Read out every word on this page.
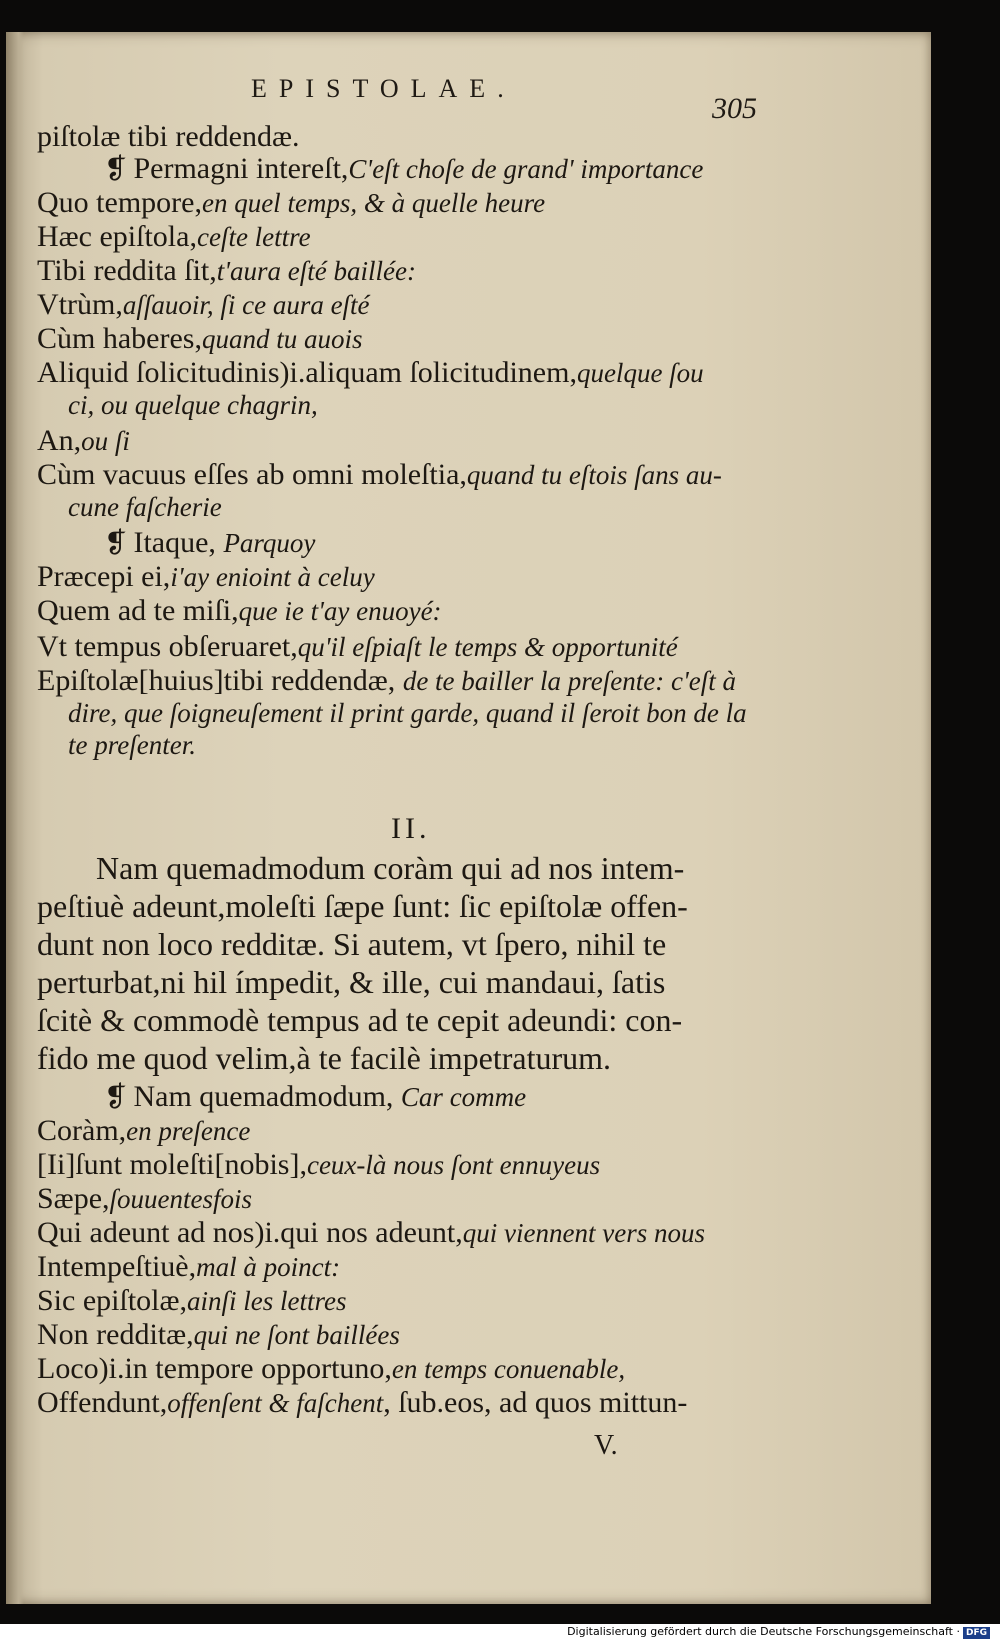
EPISTOLAE.
305
piſtolæ tibi reddendæ.
❡ Permagni intereſt,C'eſt choſe de grand' importance
Quo tempore,en quel temps, & à quelle heure
Hæc epiſtola,ceſte lettre
Tibi reddita ſit,t'aura eſté baillée:
Vtrùm,aſſauoir, ſi ce aura eſté
Cùm haberes,quand tu auois
Aliquid ſolicitudinis)i.aliquam ſolicitudinem,quelque ſou
ci, ou quelque chagrin,
An,ou ſi
Cùm vacuus eſſes ab omni moleſtia,quand tu eſtois ſans au-
cune faſcherie
❡ Itaque, Parquoy
Præcepi ei,i'ay enioint à celuy
Quem ad te miſi,que ie t'ay enuoyé:
Vt tempus obſeruaret,qu'il eſpiaſt le temps & opportunité
Epiſtolæ[huius]tibi reddendæ, de te bailler la preſente: c'eſt à
dire, que ſoigneuſement il print garde, quand il ſeroit bon de la
te preſenter.
II.
Nam quemadmodum coràm qui ad nos intem-
peſtiuè adeunt,moleſti ſæpe ſunt: ſic epiſtolæ offen-
dunt non loco redditæ. Si autem, vt ſpero, nihil te
perturbat,ni hil ímpedit, & ille, cui mandaui, ſatis
ſcitè & commodè tempus ad te cepit adeundi: con-
fido me quod velim,à te facilè impetraturum.
❡ Nam quemadmodum, Car comme
Coràm,en preſence
[Ii]ſunt moleſti[nobis],ceux-là nous ſont ennuyeus
Sæpe,ſouuentesfois
Qui adeunt ad nos)i.qui nos adeunt,qui viennent vers nous
Intempeſtiuè,mal à poinct:
Sic epiſtolæ,ainſi les lettres
Non redditæ,qui ne ſont baillées
Loco)i.in tempore opportuno,en temps conuenable,
Offendunt,offenſent & faſchent, ſub.eos, ad quos mittun-
V.
Digitalisierung gefördert durch die Deutsche Forschungsgemeinschaft · DFG
